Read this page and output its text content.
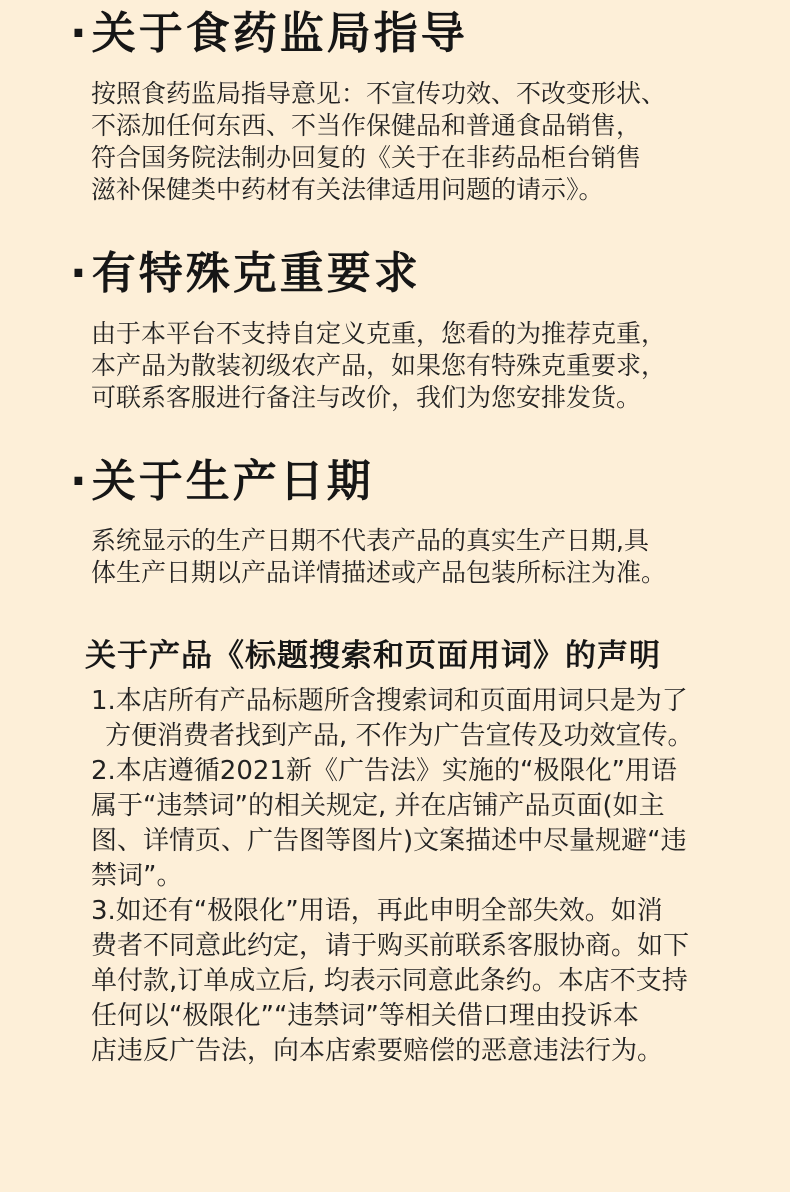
· 关于食药监局指导
按照食药监局指导意见：不宣传功效、不改变形状、
不添加任何东西、不当作保健品和普通食品销售，
符合国务院法制办回复的《关于在非药品柜台销售
滋补保健类中药材有关法律适用问题的请示》。
· 有特殊克重要求
由于本平台不支持自定义克重，您看的为推荐克重，
本产品为散装初级农产品，如果您有特殊克重要求，
可联系客服进行备注与改价，我们为您安排发货。
· 关于生产日期
系统显示的生产日期不代表产品的真实生产日期,具
体生产日期以产品详情描述或产品包装所标注为准。
关于产品《标题搜索和页面用词》的声明
1.本店所有产品标题所含搜索词和页面用词只是为了
方便消费者找到产品, 不作为广告宣传及功效宣传。
2.本店遵循2021新《广告法》实施的“极限化”用语
属于“违禁词”的相关规定, 并在店铺产品页面(如主
图、详情页、广告图等图片)文案描述中尽量规避“违
禁词”。
3.如还有“极限化”用语，再此申明全部失效。如消
费者不同意此约定，请于购买前联系客服协商。如下
单付款,订单成立后, 均表示同意此条约。本店不支持
任何以“极限化”“违禁词”等相关借口理由投诉本
店违反广告法，向本店索要赔偿的恶意违法行为。
